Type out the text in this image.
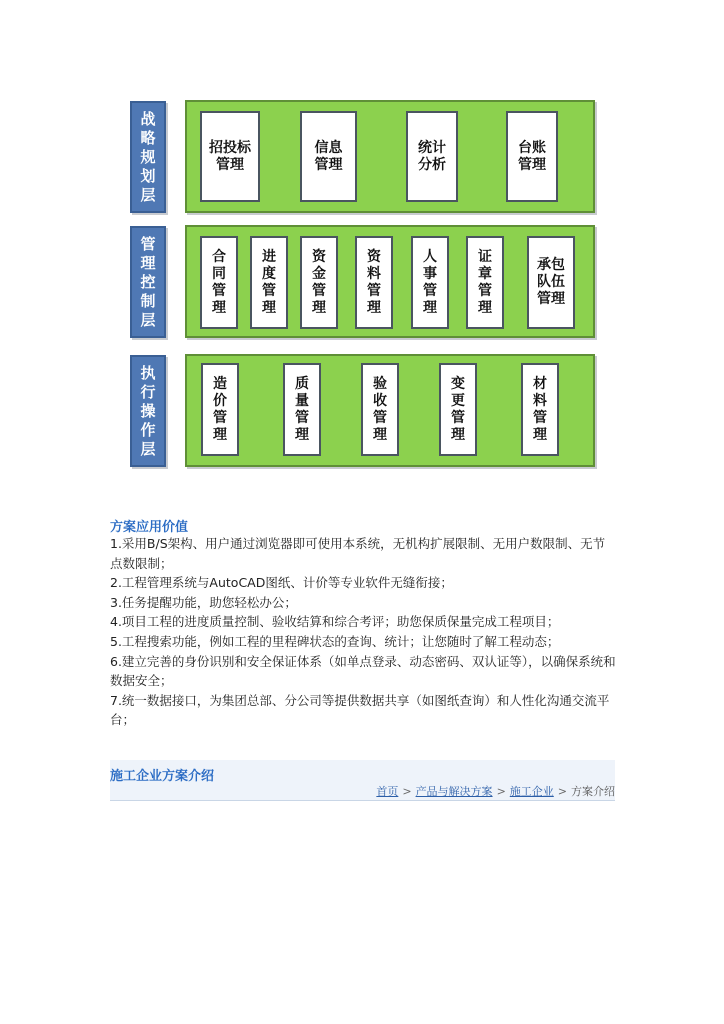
战略规划层
招投标管理
信息管理
统计分析
台账管理
管理控制层
合同管理
进度管理
资金管理
资料管理
人事管理
证章管理
承包队伍管理
执行操作层
造价管理
质量管理
验收管理
变更管理
材料管理
方案应用价值

1.采用B/S架构、用户通过浏览器即可使用本系统，无机构扩展限制、无用户数限制、无节点数限制；

2.工程管理系统与AutoCAD图纸、计价等专业软件无缝衔接；

3.任务提醒功能，助您轻松办公；

4.项目工程的进度质量控制、验收结算和综合考评；助您保质保量完成工程项目；

5.工程搜索功能，例如工程的里程碑状态的查询、统计；让您随时了解工程动态；

6.建立完善的身份识别和安全保证体系（如单点登录、动态密码、双认证等），以确保系统和数据安全；

7.统一数据接口，为集团总部、分公司等提供数据共享（如图纸查询）和人性化沟通交流平台；

施工企业方案介绍
首页 > 产品与解决方案 > 施工企业 > 方案介绍
